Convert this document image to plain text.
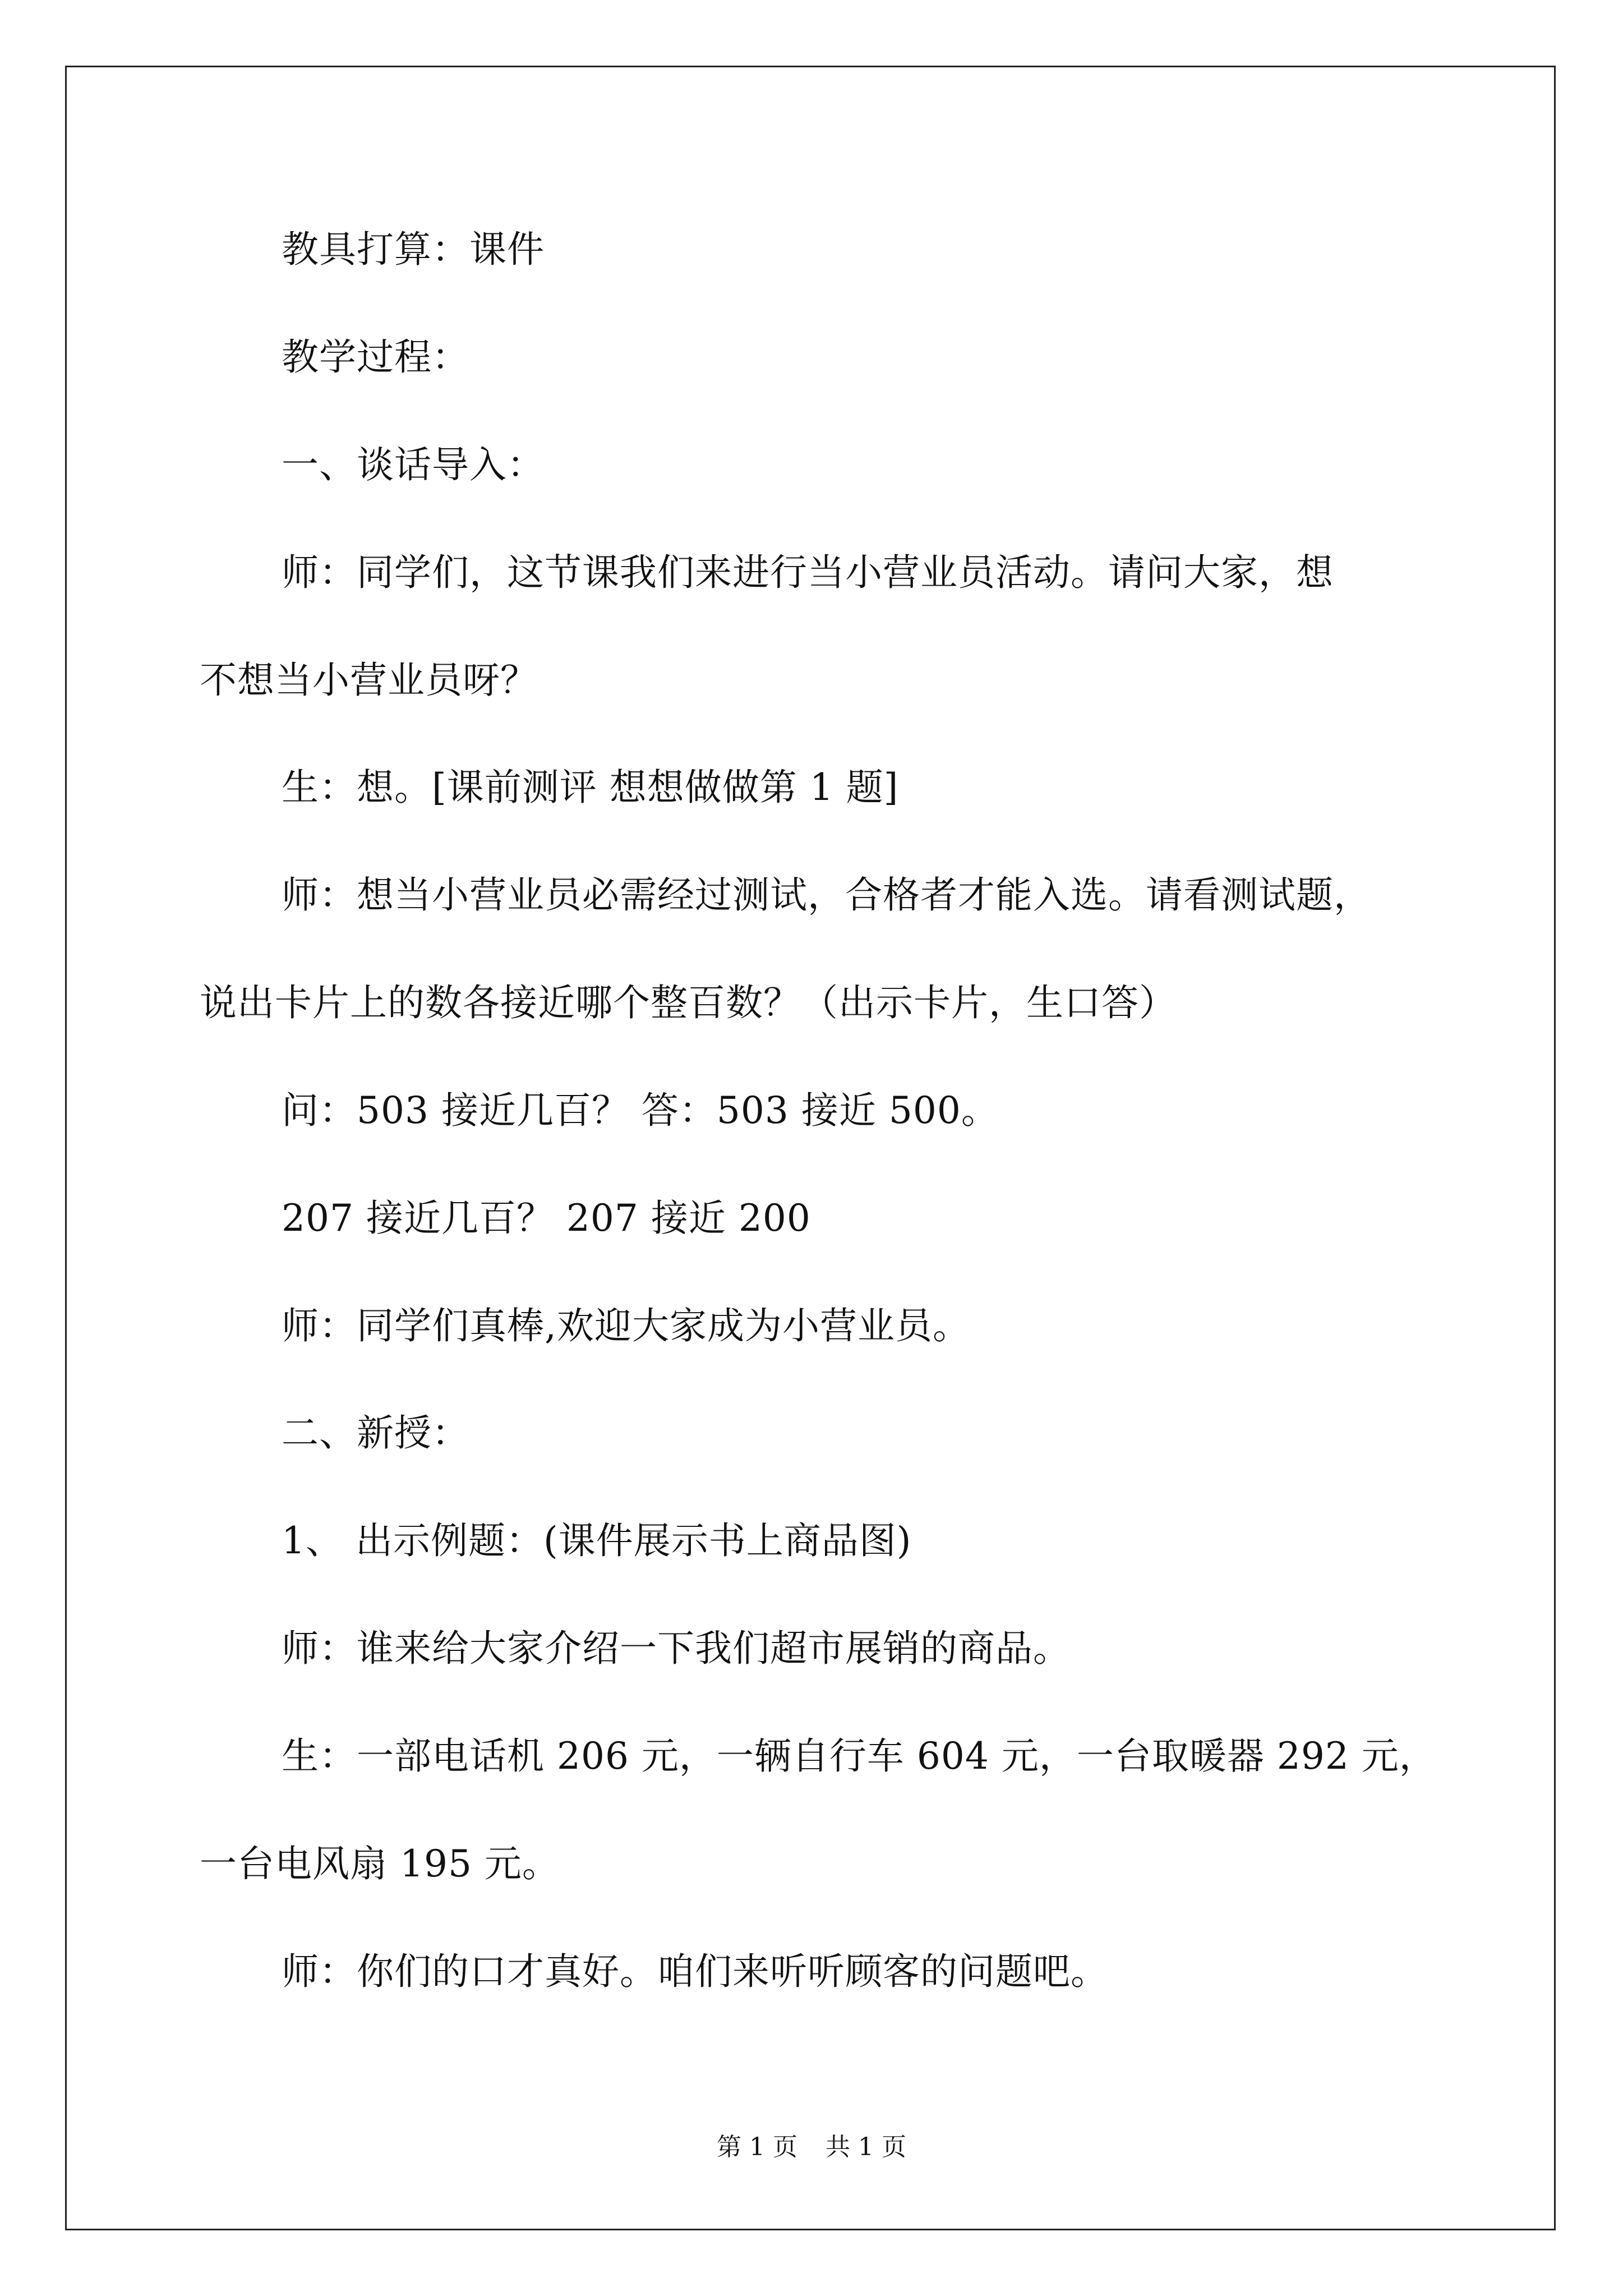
教具打算：课件
教学过程：
一、谈话导入：
师：同学们，这节课我们来进行当小营业员活动。请问大家，想
不想当小营业员呀？
生：想。[课前测评 想想做做第 1 题]
师：想当小营业员必需经过测试，合格者才能入选。请看测试题，
说出卡片上的数各接近哪个整百数？（出示卡片，生口答）
问：503 接近几百？ 答：503 接近 500。
207 接近几百？ 207 接近 200
师：同学们真棒,欢迎大家成为小营业员。
二、新授：
1、 出示例题：(课件展示书上商品图)
师：谁来给大家介绍一下我们超市展销的商品。
生：一部电话机 206 元，一辆自行车 604 元，一台取暖器 292 元，
一台电风扇 195 元。
师：你们的口才真好。咱们来听听顾客的问题吧。
第 1 页 共 1 页
